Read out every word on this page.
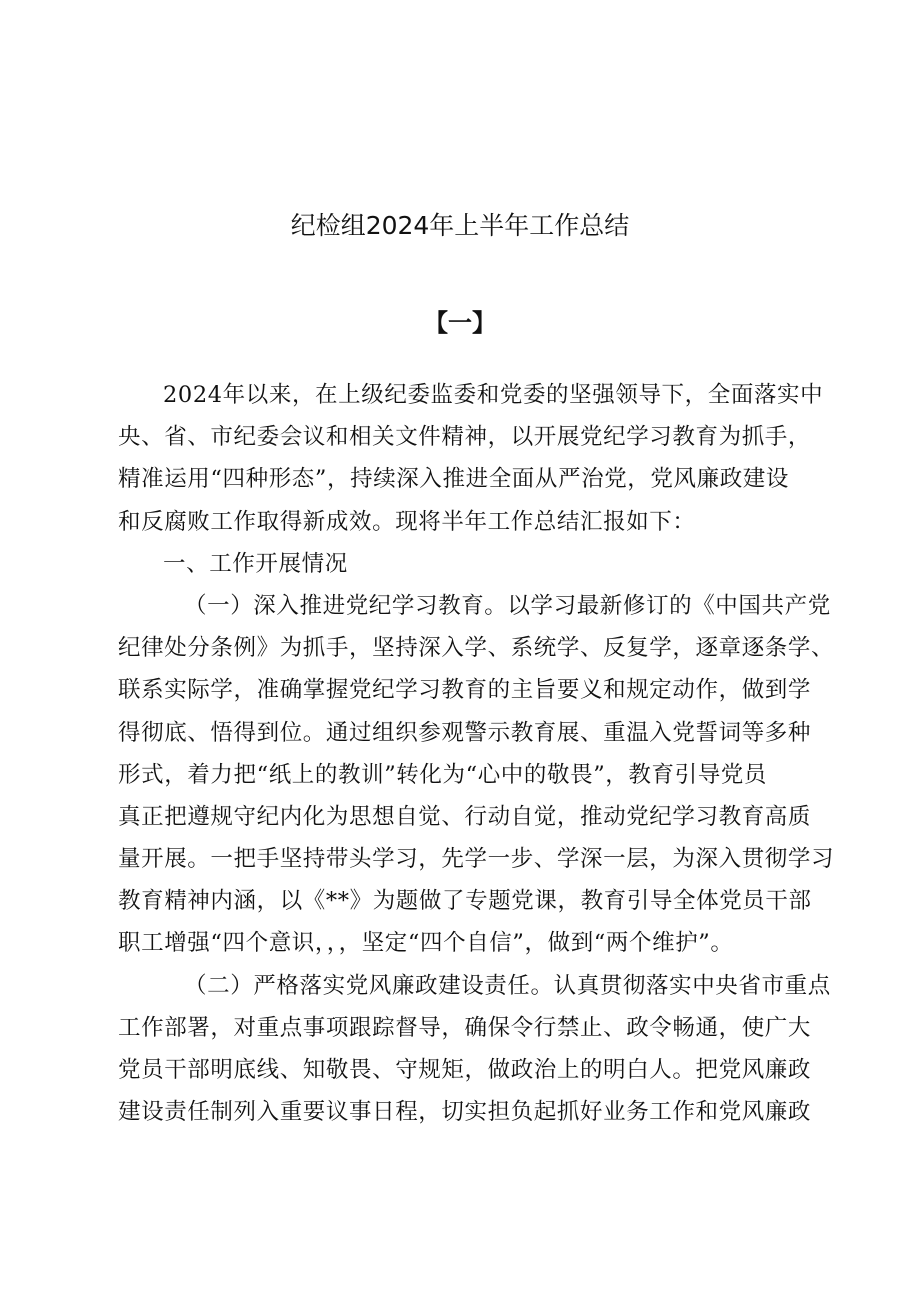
纪检组2024年上半年工作总结
【一】
2024年以来，在上级纪委监委和党委的坚强领导下，全面落实中
央、省、市纪委会议和相关文件精神，以开展党纪学习教育为抓手，
精准运用“四种形态”，持续深入推进全面从严治党，党风廉政建设
和反腐败工作取得新成效。现将半年工作总结汇报如下：
一、工作开展情况
（一）深入推进党纪学习教育。以学习最新修订的《中国共产党
纪律处分条例》为抓手，坚持深入学、系统学、反复学，逐章逐条学、
联系实际学，准确掌握党纪学习教育的主旨要义和规定动作，做到学
得彻底、悟得到位。通过组织参观警示教育展、重温入党誓词等多种
形式，着力把“纸上的教训”转化为“心中的敬畏”，教育引导党员
真正把遵规守纪内化为思想自觉、行动自觉，推动党纪学习教育高质
量开展。一把手坚持带头学习，先学一步、学深一层，为深入贯彻学习
教育精神内涵，以《**》为题做了专题党课，教育引导全体党员干部
职工增强“四个意识，，，坚定“四个自信”，做到“两个维护”。
（二）严格落实党风廉政建设责任。认真贯彻落实中央省市重点
工作部署，对重点事项跟踪督导，确保令行禁止、政令畅通，使广大
党员干部明底线、知敬畏、守规矩，做政治上的明白人。把党风廉政
建设责任制列入重要议事日程，切实担负起抓好业务工作和党风廉政
